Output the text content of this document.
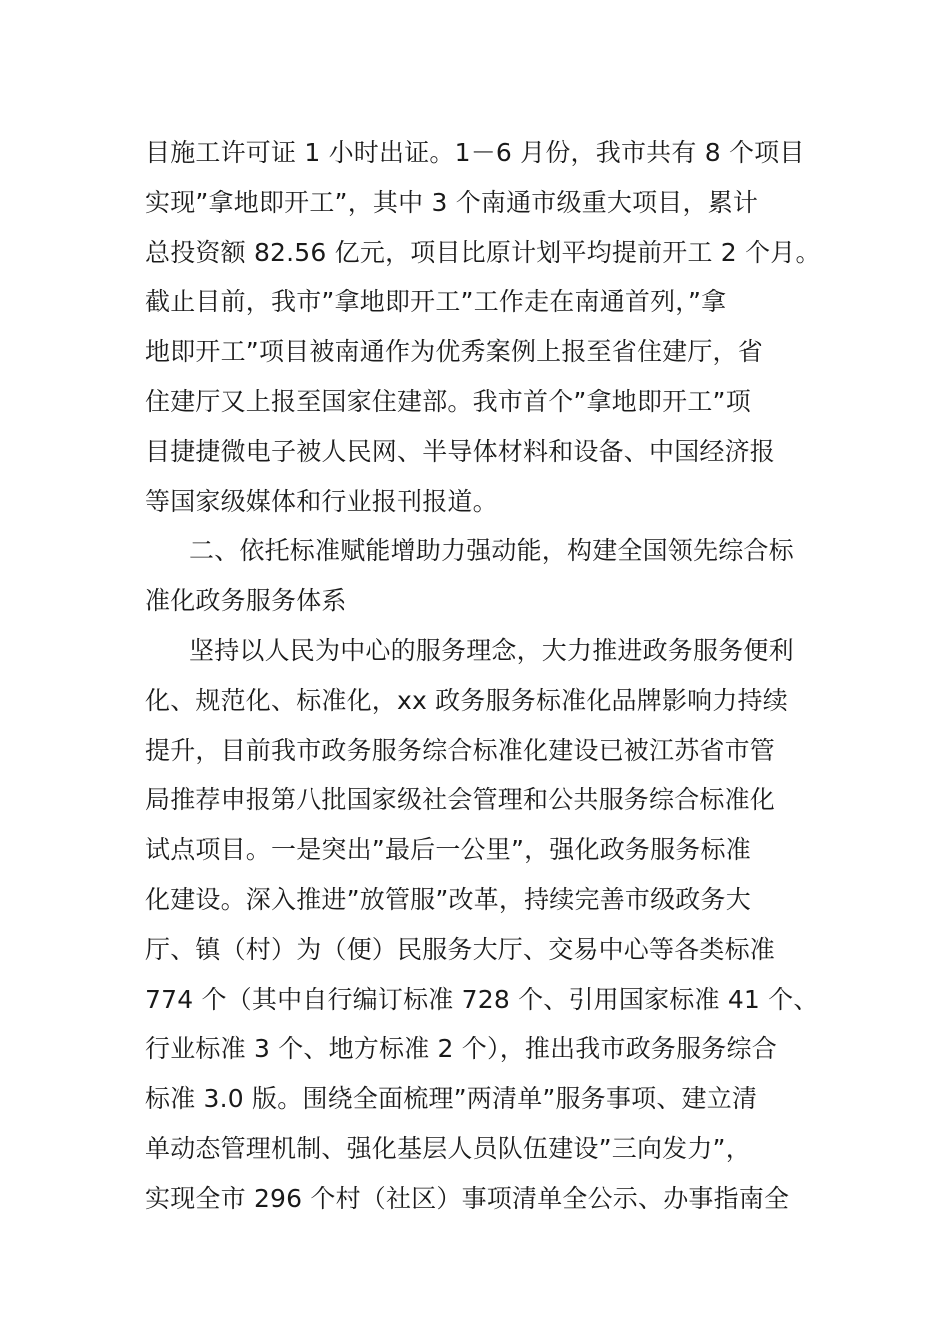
目施工许可证 1 小时出证。1－6 月份，我市共有 8 个项目
实现”拿地即开工”，其中 3 个南通市级重大项目，累计
总投资额 82.56 亿元，项目比原计划平均提前开工 2 个月。
截止目前，我市”拿地即开工”工作走在南通首列，”拿
地即开工”项目被南通作为优秀案例上报至省住建厅，省
住建厅又上报至国家住建部。我市首个”拿地即开工”项
目捷捷微电子被人民网、半导体材料和设备、中国经济报
等国家级媒体和行业报刊报道。
二、依托标准赋能增助力强动能，构建全国领先综合标
准化政务服务体系
坚持以人民为中心的服务理念，大力推进政务服务便利
化、规范化、标准化，xx 政务服务标准化品牌影响力持续
提升，目前我市政务服务综合标准化建设已被江苏省市管
局推荐申报第八批国家级社会管理和公共服务综合标准化
试点项目。一是突出”最后一公里”，强化政务服务标准
化建设。深入推进”放管服”改革，持续完善市级政务大
厅、镇（村）为（便）民服务大厅、交易中心等各类标准
774 个（其中自行编订标准 728 个、引用国家标准 41 个、
行业标准 3 个、地方标准 2 个），推出我市政务服务综合
标准 3.0 版。围绕全面梳理”两清单”服务事项、建立清
单动态管理机制、强化基层人员队伍建设”三向发力”，
实现全市 296 个村（社区）事项清单全公示、办事指南全
